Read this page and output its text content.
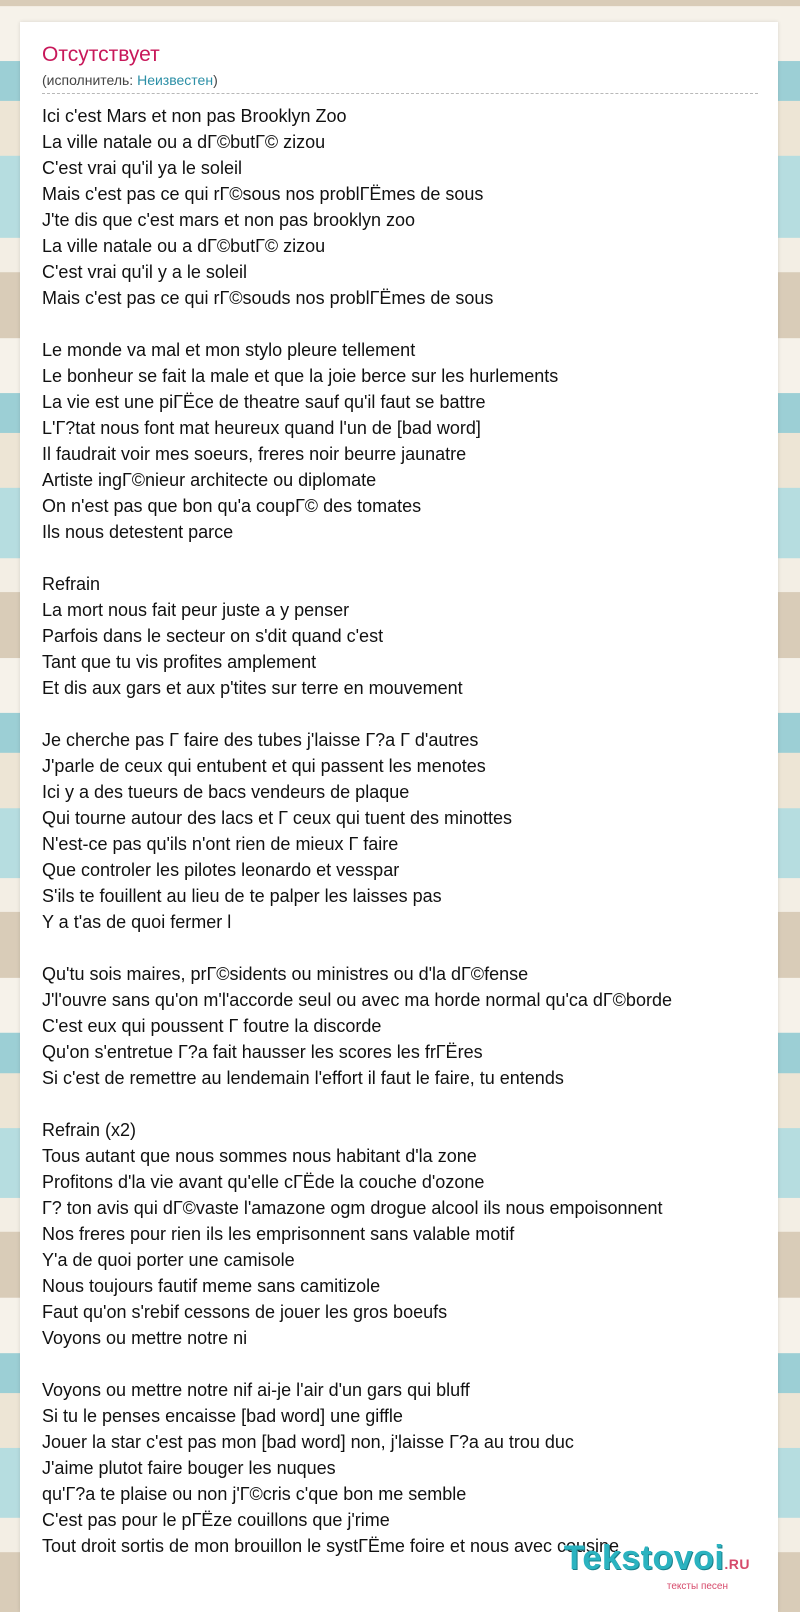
Отсутствует
(исполнитель: Неизвестен)
Ici c'est Mars et non pas Brooklyn Zoo
La ville natale ou a dГ©butГ© zizou
C'est vrai qu'il ya le soleil
Mais c'est pas ce qui rГ©sous nos problГЁmes de sous
J'te dis que c'est mars et non pas brooklyn zoo
La ville natale ou a dГ©butГ© zizou
C'est vrai qu'il y a le soleil
Mais c'est pas ce qui rГ©souds nos problГЁmes de sous
Le monde va mal et mon stylo pleure tellement
Le bonheur se fait la male et que la joie berce sur les hurlements
La vie est une piГЁce de theatre sauf qu'il faut se battre
L'Г?tat nous font mat heureux quand l'un de [bad word]
Il faudrait voir mes soeurs, freres noir beurre jaunatre
Artiste ingГ©nieur architecte ou diplomate
On n'est pas que bon qu'a coupГ© des tomates
Ils nous detestent parce
Refrain
La mort nous fait peur juste a y penser
Parfois dans le secteur on s'dit quand c'est
Tant que tu vis profites amplement
Et dis aux gars et aux p'tites sur terre en mouvement
Je cherche pas Г faire des tubes j'laisse Г?a Г d'autres
J'parle de ceux qui entubent et qui passent les menotes
Ici y a des tueurs de bacs vendeurs de plaque
Qui tourne autour des lacs et Г ceux qui tuent des minottes
N'est-ce pas qu'ils n'ont rien de mieux Г faire
Que controler les pilotes leonardo et vesspar
S'ils te fouillent au lieu de te palper les laisses pas
Y a t'as de quoi fermer l
Qu'tu sois maires, prГ©sidents ou ministres ou d'la dГ©fense
J'l'ouvre sans qu'on m'l'accorde seul ou avec ma horde normal qu'ca dГ©borde
C'est eux qui poussent Г foutre la discorde
Qu'on s'entretue Г?a fait hausser les scores les frГЁres
Si c'est de remettre au lendemain l'effort il faut le faire, tu entends
Refrain (x2)
Tous autant que nous sommes nous habitant d'la zone
Profitons d'la vie avant qu'elle cГЁde la couche d'ozone
Г? ton avis qui dГ©vaste l'amazone ogm drogue alcool ils nous empoisonnent
Nos freres pour rien ils les emprisonnent sans valable motif
Y'a de quoi porter une camisole
Nous toujours fautif meme sans camitizole
Faut qu'on s'rebif cessons de jouer les gros boeufs
Voyons ou mettre notre ni
Voyons ou mettre notre nif ai-je l'air d'un gars qui bluff
Si tu le penses encaisse [bad word] une giffle
Jouer la star c'est pas mon [bad word] non, j'laisse Г?a au trou duc
J'aime plutot faire bouger les nuques
qu'Г?a te plaise ou non j'Г©cris c'que bon me semble
C'est pas pour le pГЁze couillons que j'rime
Tout droit sortis de mon brouillon le systГЁme foire et nous avec cousine
Tekstovoi.RU
тексты песен
